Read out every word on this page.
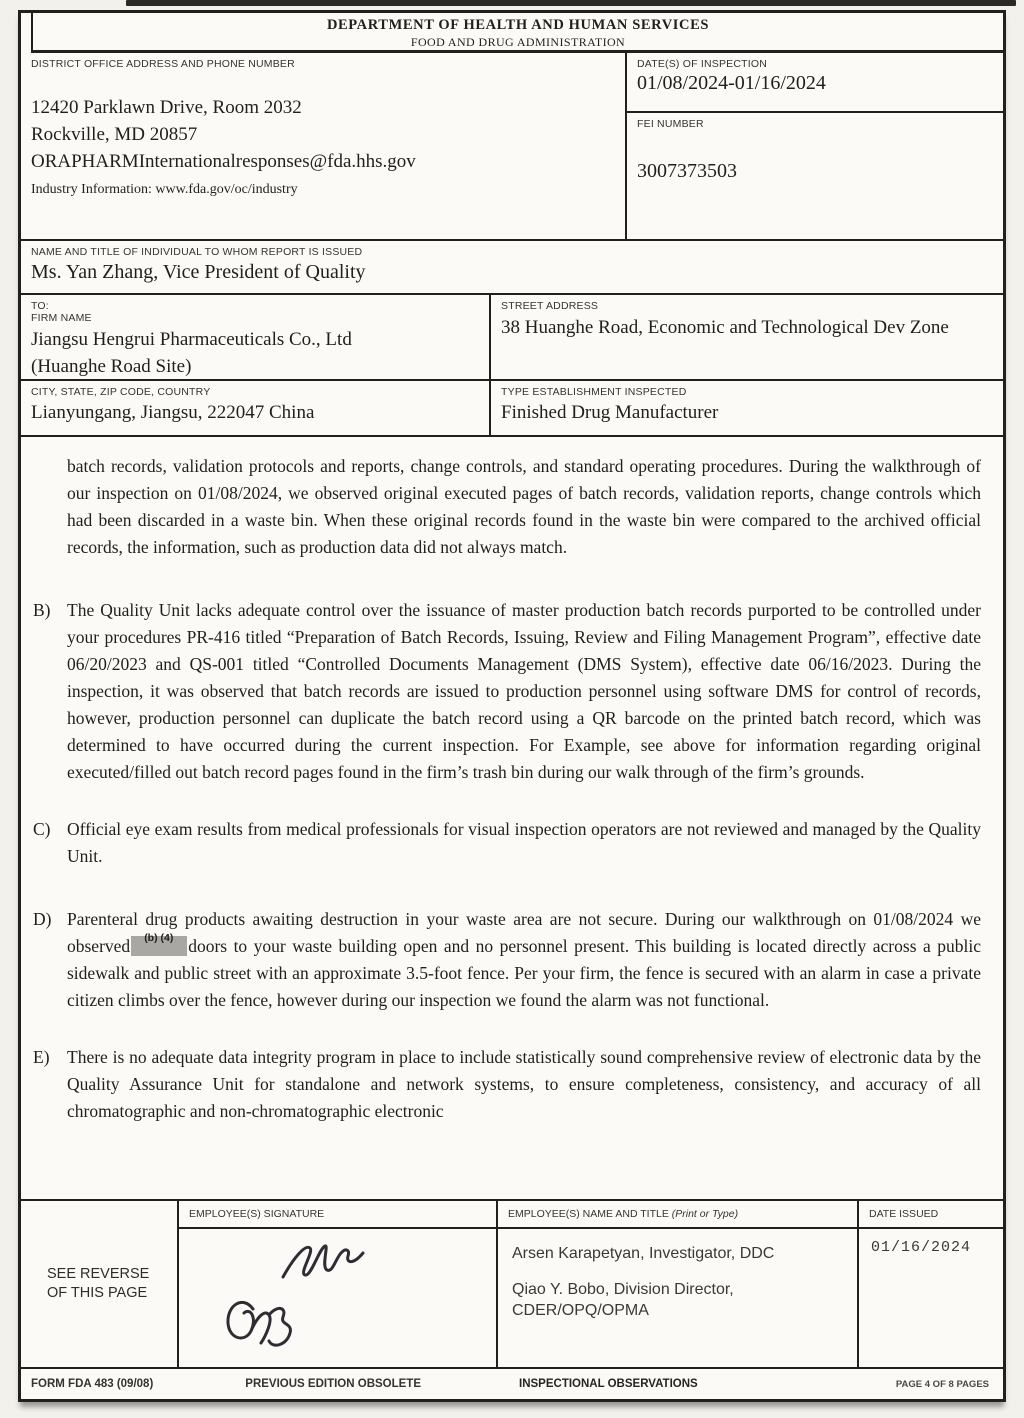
DEPARTMENT OF HEALTH AND HUMAN SERVICES
FOOD AND DRUG ADMINISTRATION
DISTRICT OFFICE ADDRESS AND PHONE NUMBER
12420 Parklawn Drive, Room 2032
Rockville, MD 20857
ORAPHARMInternationalresponses@fda.hhs.gov
Industry Information: www.fda.gov/oc/industry
DATE(S) OF INSPECTION
01/08/2024-01/16/2024
FEI NUMBER
3007373503
NAME AND TITLE OF INDIVIDUAL TO WHOM REPORT IS ISSUED
Ms. Yan Zhang, Vice President of Quality
TO:
FIRM NAME
Jiangsu Hengrui Pharmaceuticals Co., Ltd
(Huanghe Road Site)
STREET ADDRESS
38 Huanghe Road, Economic and Technological Dev Zone
CITY, STATE, ZIP CODE, COUNTRY
Lianyungang, Jiangsu, 222047 China
TYPE ESTABLISHMENT INSPECTED
Finished Drug Manufacturer
batch records, validation protocols and reports, change controls, and standard operating procedures. During the walkthrough of our inspection on 01/08/2024, we observed original executed pages of batch records, validation reports, change controls which had been discarded in a waste bin. When these original records found in the waste bin were compared to the archived official records, the information, such as production data did not always match.
B) The Quality Unit lacks adequate control over the issuance of master production batch records purported to be controlled under your procedures PR-416 titled “Preparation of Batch Records, Issuing, Review and Filing Management Program”, effective date 06/20/2023 and QS-001 titled “Controlled Documents Management (DMS System), effective date 06/16/2023. During the inspection, it was observed that batch records are issued to production personnel using software DMS for control of records, however, production personnel can duplicate the batch record using a QR barcode on the printed batch record, which was determined to have occurred during the current inspection. For Example, see above for information regarding original executed/filled out batch record pages found in the firm’s trash bin during our walk through of the firm’s grounds.
C) Official eye exam results from medical professionals for visual inspection operators are not reviewed and managed by the Quality Unit.
D) Parenteral drug products awaiting destruction in your waste area are not secure. During our walkthrough on 01/08/2024 we observed (b) (4) doors to your waste building open and no personnel present. This building is located directly across a public sidewalk and public street with an approximate 3.5-foot fence. Per your firm, the fence is secured with an alarm in case a private citizen climbs over the fence, however during our inspection we found the alarm was not functional.
E) There is no adequate data integrity program in place to include statistically sound comprehensive review of electronic data by the Quality Assurance Unit for standalone and network systems, to ensure completeness, consistency, and accuracy of all chromatographic and non-chromatographic electronic
SEE REVERSE
OF THIS PAGE
EMPLOYEE(S) SIGNATURE	EMPLOYEE(S) NAME AND TITLE (Print or Type)
Arsen Karapetyan, Investigator, DDC
Qiao Y. Bobo, Division Director,
CDER/OPQ/OPMA
DATE ISSUED
01/16/2024
FORM FDA 483 (09/08)	PREVIOUS EDITION OBSOLETE	INSPECTIONAL OBSERVATIONS	PAGE 4 OF 8 PAGES
